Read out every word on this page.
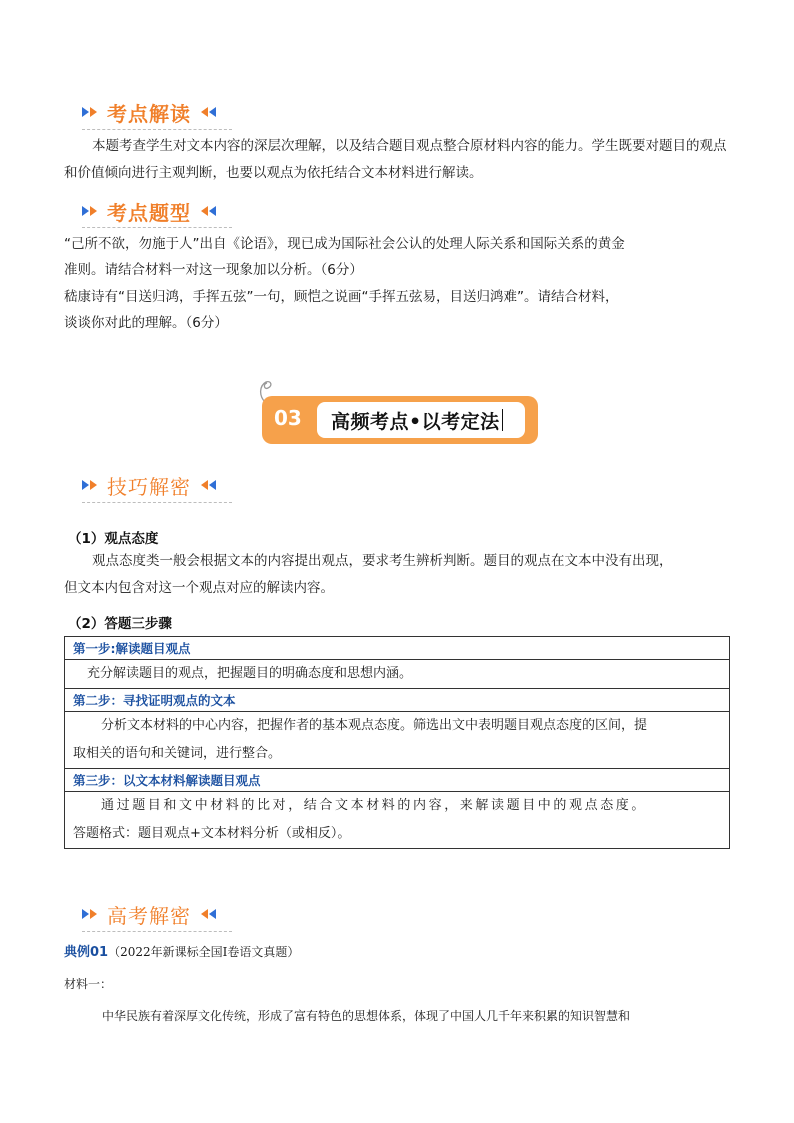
考点解读
本题考查学生对文本内容的深层次理解，以及结合题目观点整合原材料内容的能力。学生既要对题目的观点和价值倾向进行主观判断，也要以观点为依托结合文本材料进行解读。
考点题型
“己所不欲，勿施于人”出自《论语》，现已成为国际社会公认的处理人际关系和国际关系的黄金
准则。请结合材料一对这一现象加以分析。（6分）
嵇康诗有“目送归鸿，手挥五弦”一句，顾恺之说画“手挥五弦易，目送归鸿难”。请结合材料，
谈谈你对此的理解。（6分）
03 高频考点•以考定法
技巧解密
（1）观点态度
观点态度类一般会根据文本的内容提出观点，要求考生辨析判断。题目的观点在文本中没有出现，
但文本内包含对这一个观点对应的解读内容。
（2）答题三步骤
第一步:解读题目观点
充分解读题目的观点，把握题目的明确态度和思想内涵。
第二步：寻找证明观点的文本

分析文本材料的中心内容，把握作者的基本观点态度。筛选出文中表明题目观点态度的区间，提
取相关的语句和关键词，进行整合。

第三步：以文本材料解读题目观点

通过题目和文中材料的比对，结合文本材料的内容，来解读题目中的观点态度。
答题格式：题目观点+文本材料分析（或相反）。
高考解密
典例01（2022年新课标全国Ⅰ卷语文真题）
材料一：
中华民族有着深厚文化传统，形成了富有特色的思想体系，体现了中国人几千年来积累的知识智慧和
